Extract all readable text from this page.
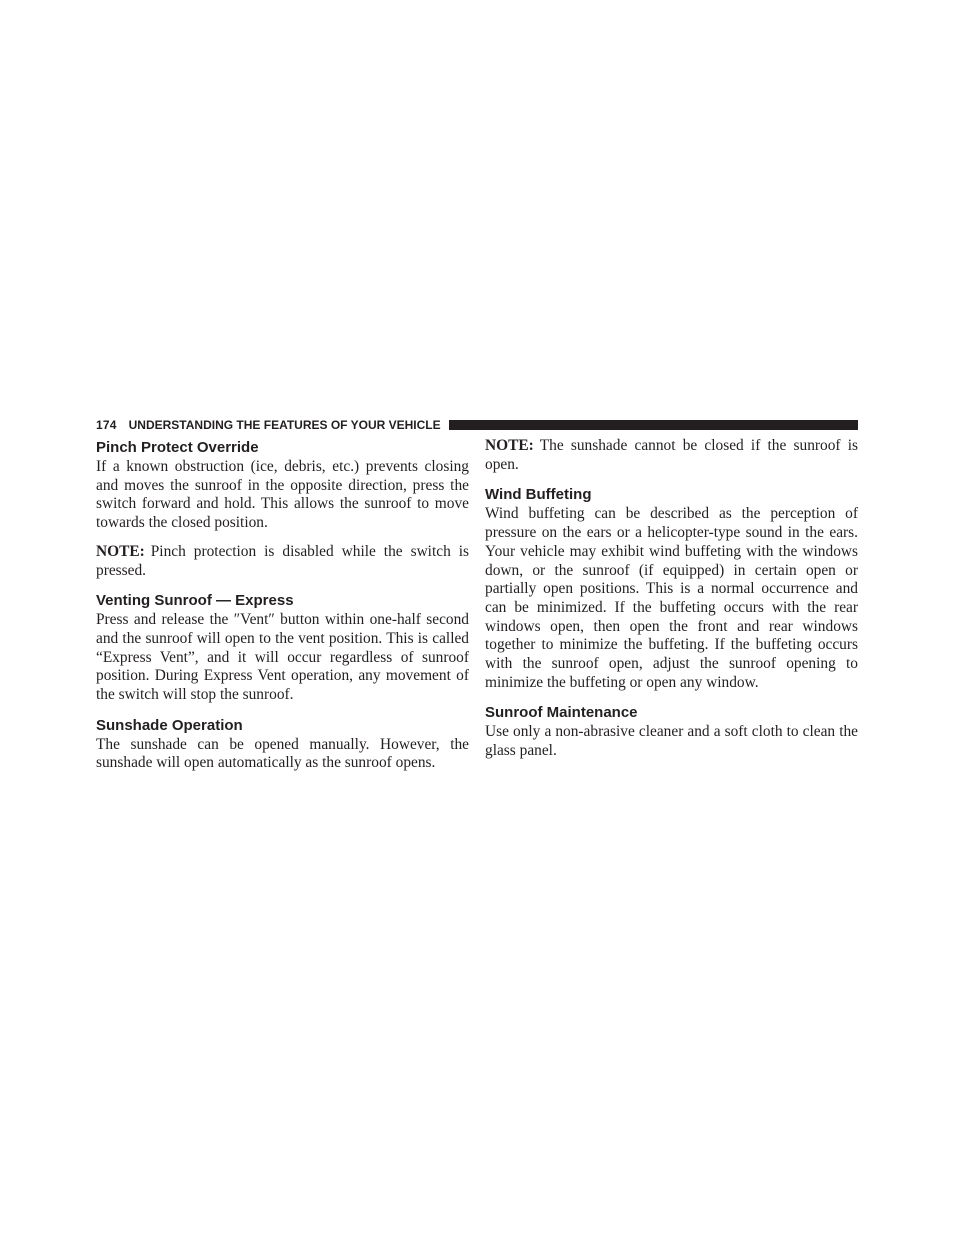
174 UNDERSTANDING THE FEATURES OF YOUR VEHICLE
Pinch Protect Override

If a known obstruction (ice, debris, etc.) prevents closing and moves the sunroof in the opposite direction, press the switch forward and hold. This allows the sunroof to move towards the closed position.

NOTE: Pinch protection is disabled while the switch is pressed.

Venting Sunroof — Express

Press and release the ″Vent″ button within one-half second and the sunroof will open to the vent position. This is called “Express Vent”, and it will occur regardless of sunroof position. During Express Vent operation, any movement of the switch will stop the sunroof.

Sunshade Operation

The sunshade can be opened manually. However, the sunshade will open automatically as the sunroof opens.

NOTE: The sunshade cannot be closed if the sunroof is open.

Wind Buffeting

Wind buffeting can be described as the perception of pressure on the ears or a helicopter-type sound in the ears. Your vehicle may exhibit wind buffeting with the windows down, or the sunroof (if equipped) in certain open or partially open positions. This is a normal occurrence and can be minimized. If the buffeting occurs with the rear windows open, then open the front and rear windows together to minimize the buffeting. If the buffeting occurs with the sunroof open, adjust the sunroof opening to minimize the buffeting or open any window.

Sunroof Maintenance

Use only a non-abrasive cleaner and a soft cloth to clean the glass panel.
